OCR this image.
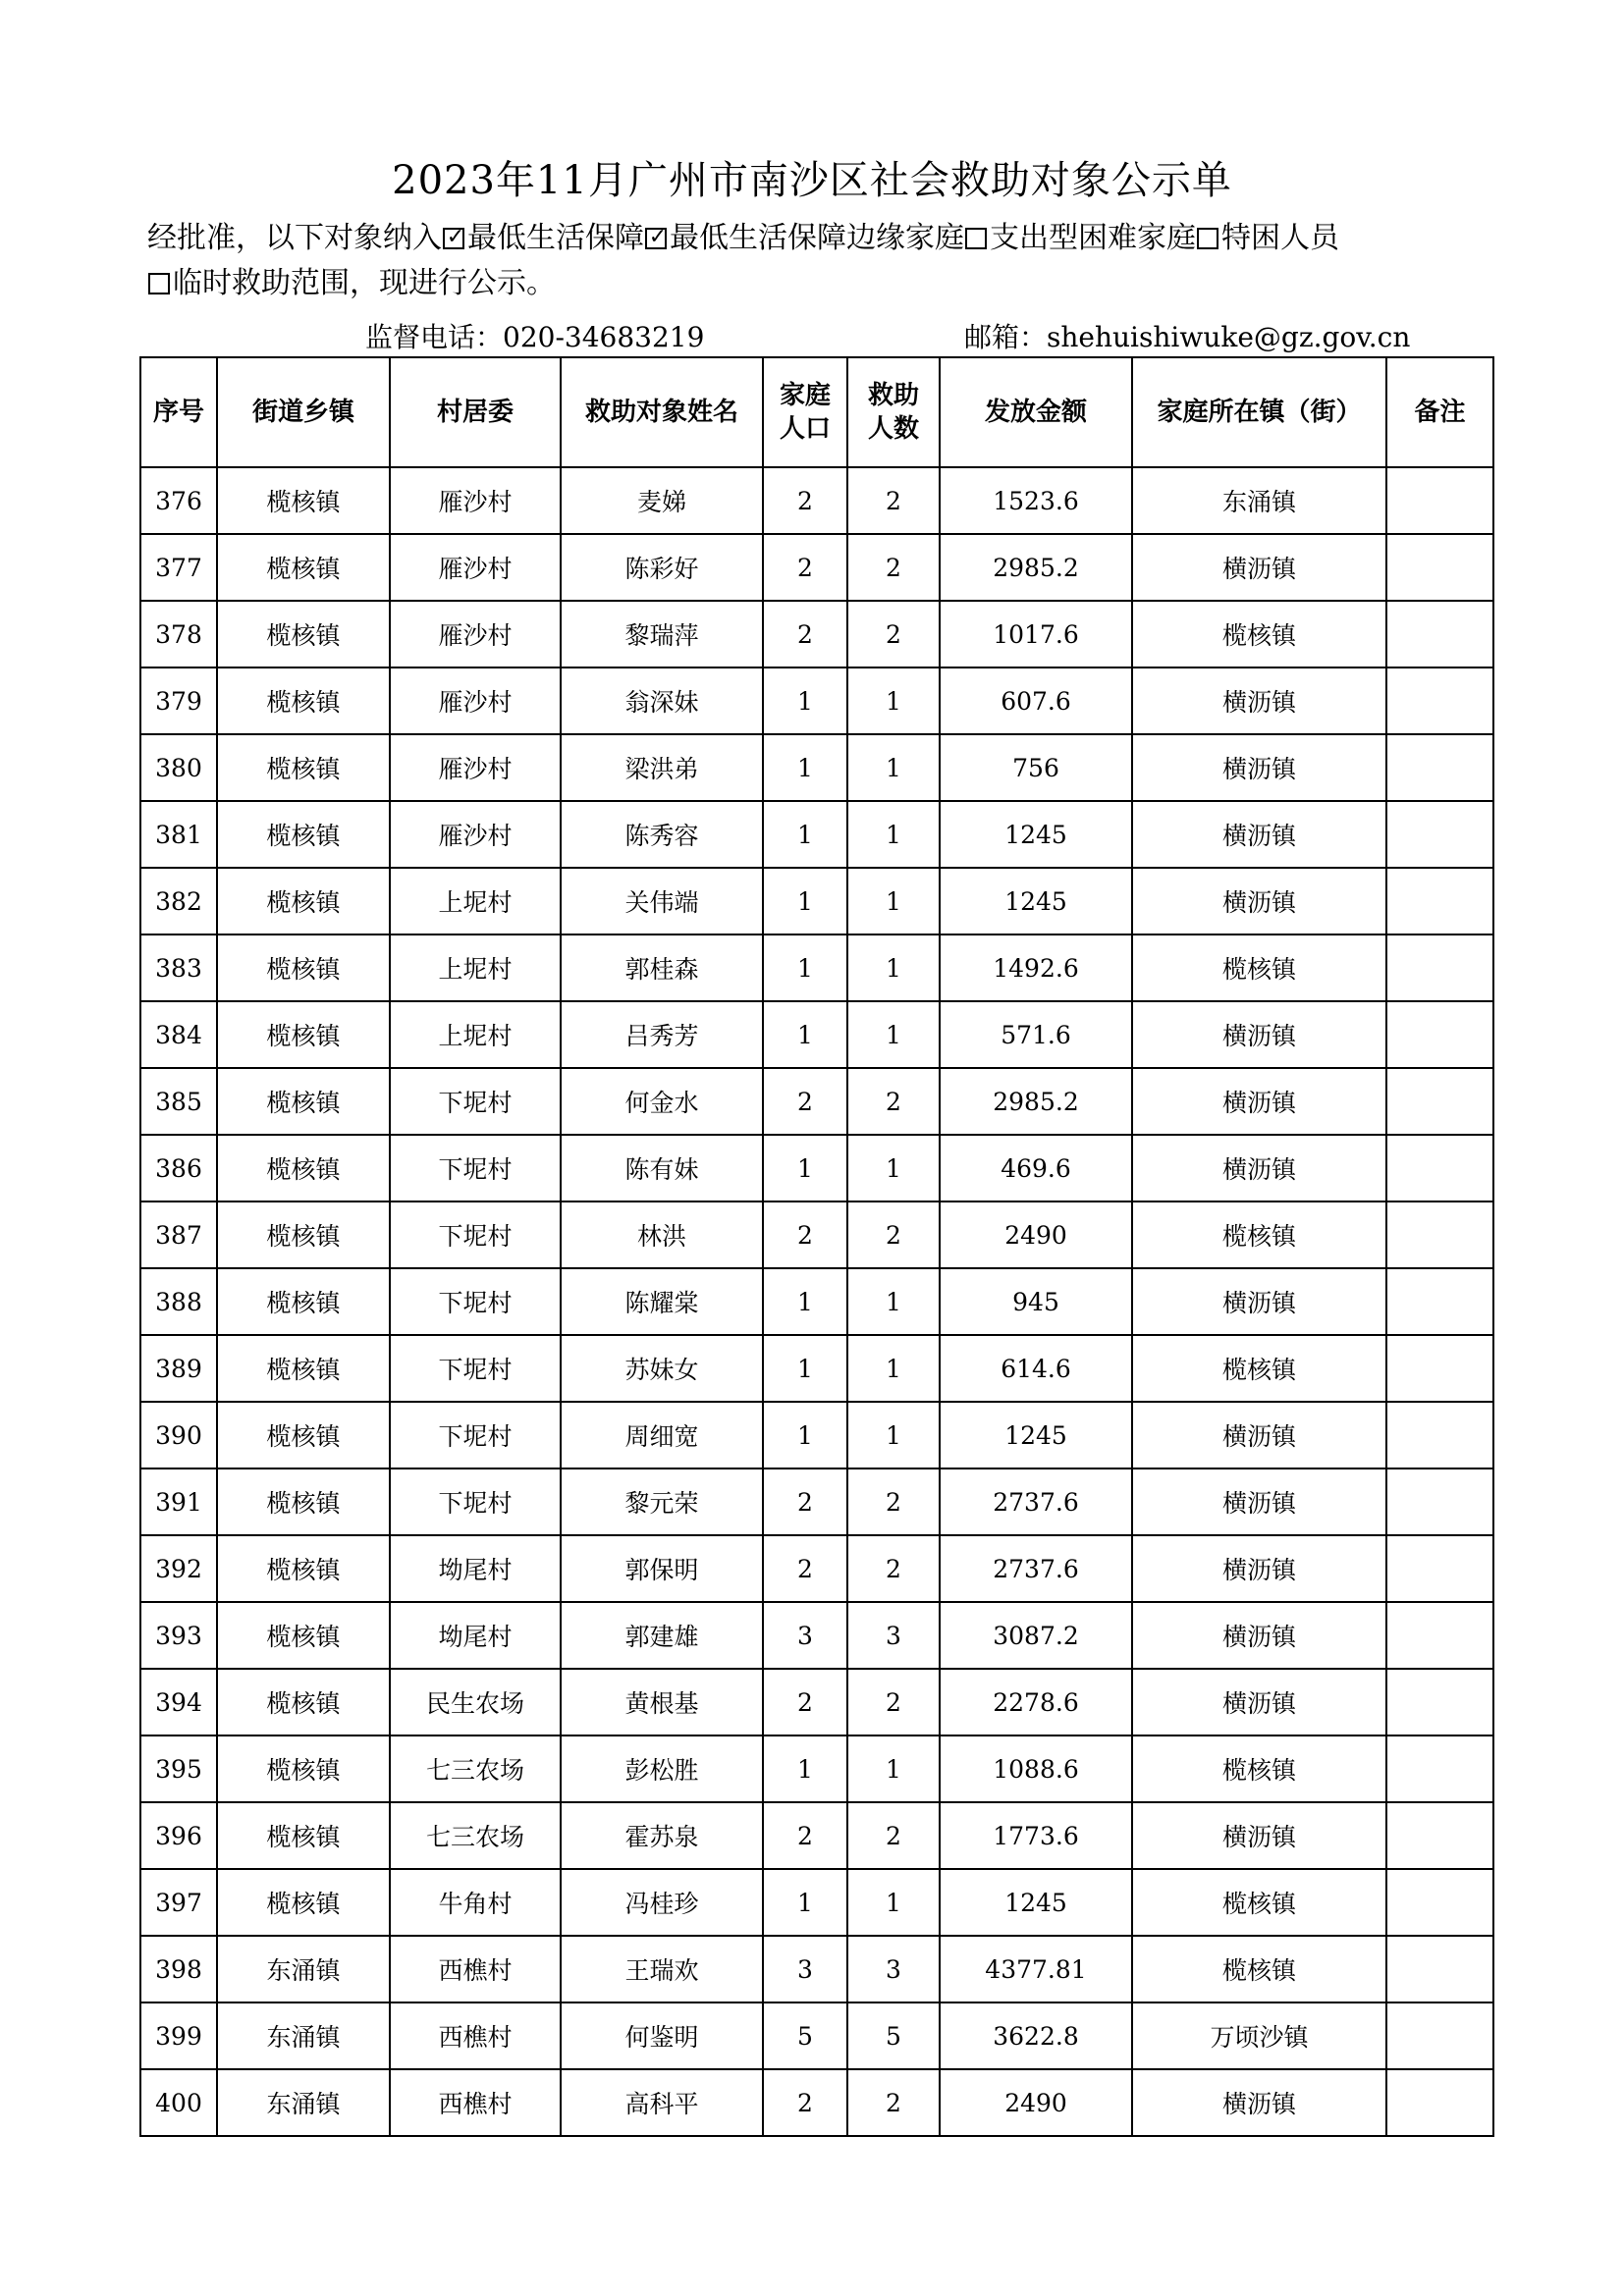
2023年11月广州市南沙区社会救助对象公示单
经批准，以下对象纳入 ✓ 最低生活保障 ✓ 最低生活保障边缘家庭 支出型困难家庭 特困人员
临时救助范围，现进行公示。
监督电话：020-34683219	邮箱：shehuishiwuke@gz.gov.cn
序号	街道乡镇	村居委	救助对象姓名	家庭人口	救助人数	发放金额	家庭所在镇（街）	备注
376	榄核镇	雁沙村	麦娣	2	2	1523.6	东涌镇	
377	榄核镇	雁沙村	陈彩好	2	2	2985.2	横沥镇	
378	榄核镇	雁沙村	黎瑞萍	2	2	1017.6	榄核镇	
379	榄核镇	雁沙村	翁深妹	1	1	607.6	横沥镇	
380	榄核镇	雁沙村	梁洪弟	1	1	756	横沥镇	
381	榄核镇	雁沙村	陈秀容	1	1	1245	横沥镇	
382	榄核镇	上坭村	关伟端	1	1	1245	横沥镇	
383	榄核镇	上坭村	郭桂森	1	1	1492.6	榄核镇	
384	榄核镇	上坭村	吕秀芳	1	1	571.6	横沥镇	
385	榄核镇	下坭村	何金水	2	2	2985.2	横沥镇	
386	榄核镇	下坭村	陈有妹	1	1	469.6	横沥镇	
387	榄核镇	下坭村	林洪	2	2	2490	榄核镇	
388	榄核镇	下坭村	陈耀棠	1	1	945	横沥镇	
389	榄核镇	下坭村	苏妹女	1	1	614.6	榄核镇	
390	榄核镇	下坭村	周细宽	1	1	1245	横沥镇	
391	榄核镇	下坭村	黎元荣	2	2	2737.6	横沥镇	
392	榄核镇	坳尾村	郭保明	2	2	2737.6	横沥镇	
393	榄核镇	坳尾村	郭建雄	3	3	3087.2	横沥镇	
394	榄核镇	民生农场	黄根基	2	2	2278.6	横沥镇	
395	榄核镇	七三农场	彭松胜	1	1	1088.6	榄核镇	
396	榄核镇	七三农场	霍苏泉	2	2	1773.6	横沥镇	
397	榄核镇	牛角村	冯桂珍	1	1	1245	榄核镇	
398	东涌镇	西樵村	王瑞欢	3	3	4377.81	榄核镇	
399	东涌镇	西樵村	何鉴明	5	5	3622.8	万顷沙镇	
400	东涌镇	西樵村	高科平	2	2	2490	横沥镇	
